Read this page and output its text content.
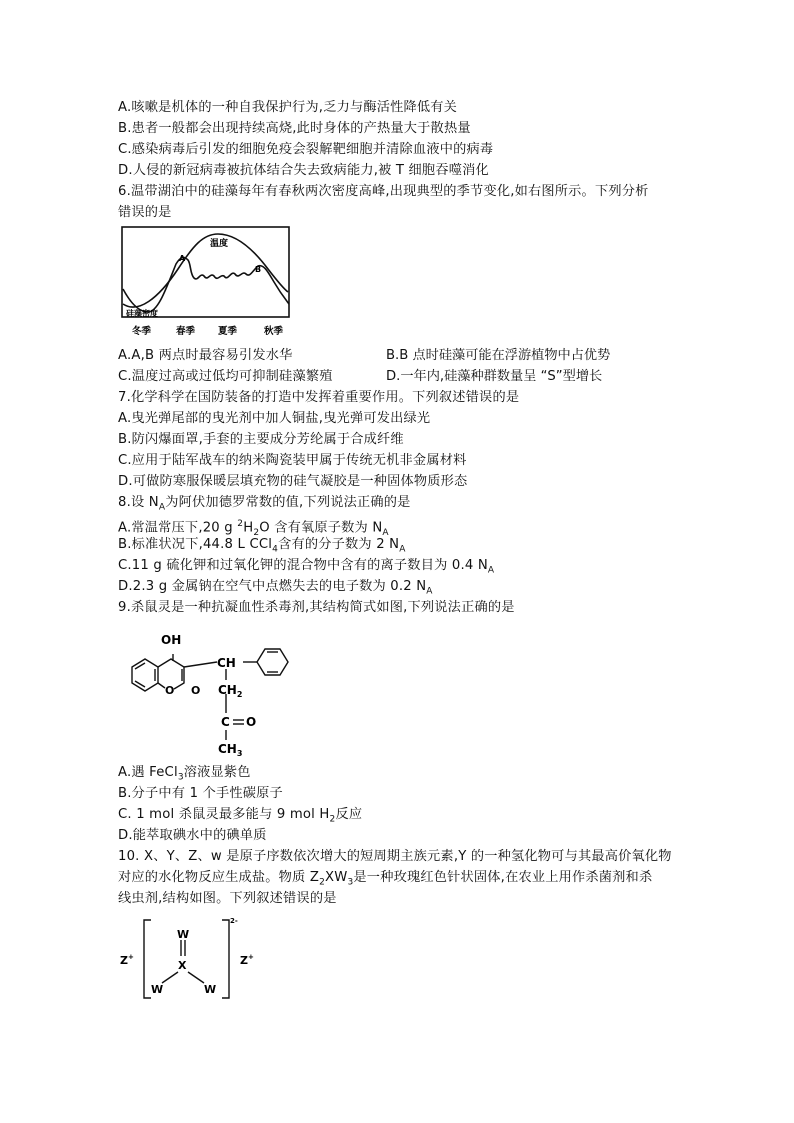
A.咳嗽是机体的一种自我保护行为,乏力与酶活性降低有关
B.患者一般都会出现持续高烧,此时身体的产热量大于散热量
C.感染病毒后引发的细胞免疫会裂解靶细胞并清除血液中的病毒
D.人侵的新冠病毒被抗体结合失去致病能力,被 T 细胞吞噬消化
6.温带湖泊中的硅藻每年有春秋两次密度高峰,出现典型的季节变化,如右图所示。下列分析
错误的是
温度
A
B
硅藻密度
冬季	春季 夏季	秋季
A.A,B 两点时最容易引发水华	B.B 点时硅藻可能在浮游植物中占优势
C.温度过高或过低均可抑制硅藻繁殖	D.一年内,硅藻种群数量呈 “S”型增长
7.化学科学在国防装备的打造中发挥着重要作用。下列叙述错误的是
A.曳光弹尾部的曳光剂中加人铜盐,曳光弹可发出绿光
B.防闪爆面罩,手套的主要成分芳纶属于合成纤维
C.应用于陆军战车的纳米陶瓷装甲属于传统无机非金属材料
D.可做防寒服保暖层填充物的硅气凝胶是一种固体物质形态
8.设 $N_A$为阿伏加德罗常数的值,下列说法正确的是
A.常温常压下,20 g $^2H_2O$ 含有氧原子数为 $N_A$
B.标准状况下,44.8 L CCl$_4$含有的分子数为 2 $N_A$
C.11 g 硫化钾和过氧化钾的混合物中含有的离子数目为 0.4 $N_A$
D.2.3 g 金属钠在空气中点燃失去的电子数为 0.2 $N_A$
9.杀鼠灵是一种抗凝血性杀毒剂,其结构简式如图,下列说法正确的是
OH
CH
$CH_2$
C O
$CH_3$
O O
A.遇 FeCl$_3$溶液显紫色
B.分子中有 1 个手性碳原子
C. 1 mol 杀鼠灵最多能与 9 mol $H_2$反应
D.能萃取碘水中的碘单质
10. X、Y、Z、w 是原子序数依次增大的短周期主族元素,Y 的一种氢化物可与其最高价氧化物
对应的水化物反应生成盐。物质 $Z_2XW_3$是一种玫瑰红色针状固体,在农业上用作杀菌剂和杀
线虫剂,结构如图。下列叙述错误的是
Z+	Z+
2-
W
X
W	W
